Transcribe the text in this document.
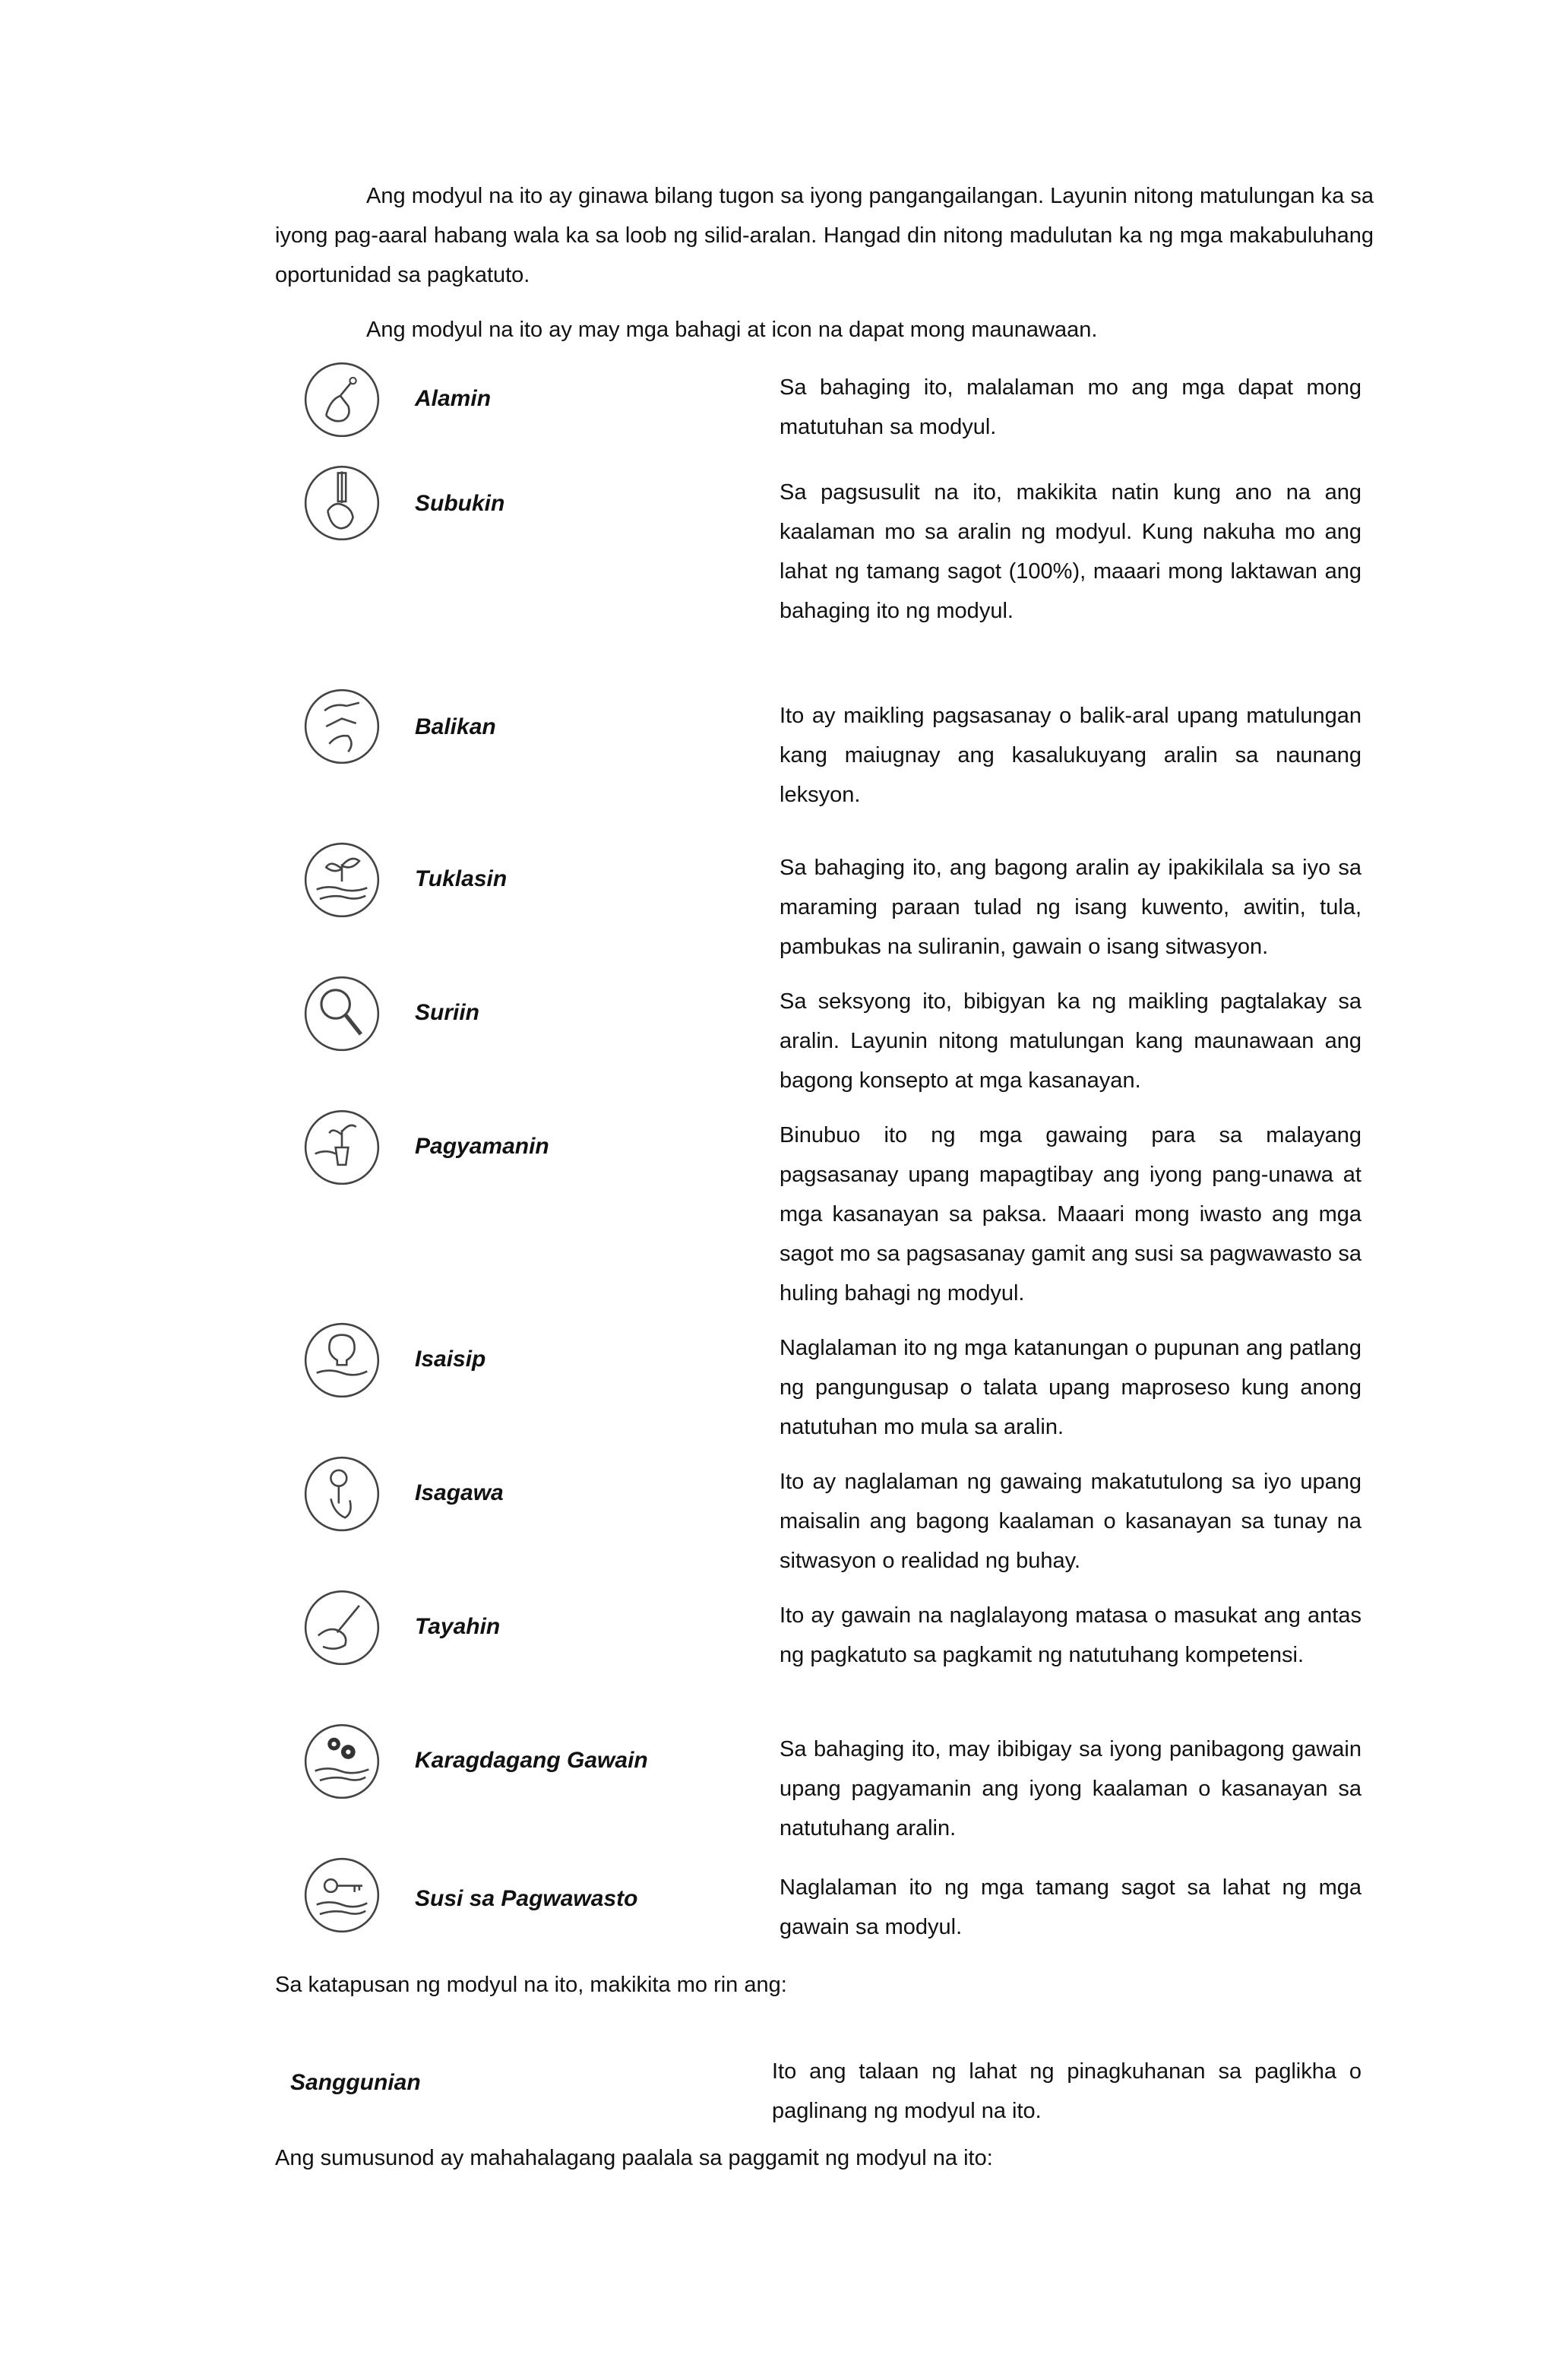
Ang modyul na ito ay ginawa bilang tugon sa iyong pangangailangan. Layunin nitong matulungan ka sa iyong pag-aaral habang wala ka sa loob ng silid-aralan. Hangad din nitong madulutan ka ng mga makabuluhang oportunidad sa pagkatuto.

Ang modyul na ito ay may mga bahagi at icon na dapat mong maunawaan.

Alamin	Sa bahaging ito, malalaman mo ang mga dapat mong matutuhan sa modyul.

Subukin	Sa pagsusulit na ito, makikita natin kung ano na ang kaalaman mo sa aralin ng modyul. Kung nakuha mo ang lahat ng tamang sagot (100%), maaari mong laktawan ang bahaging ito ng modyul.

Balikan	Ito ay maikling pagsasanay o balik-aral upang matulungan kang maiugnay ang kasalukuyang aralin sa naunang leksyon.

Tuklasin	Sa bahaging ito, ang bagong aralin ay ipakikilala sa iyo sa maraming paraan tulad ng isang kuwento, awitin, tula, pambukas na suliranin, gawain o isang sitwasyon.

Suriin	Sa seksyong ito, bibigyan ka ng maikling pagtalakay sa aralin. Layunin nitong matulungan kang maunawaan ang bagong konsepto at mga kasanayan.

Pagyamanin	Binubuo ito ng mga gawaing para sa malayang pagsasanay upang mapagtibay ang iyong pang-unawa at mga kasanayan sa paksa. Maaari mong iwasto ang mga sagot mo sa pagsasanay gamit ang susi sa pagwawasto sa huling bahagi ng modyul.

Isaisip	Naglalaman ito ng mga katanungan o pupunan ang patlang ng pangungusap o talata upang maproseso kung anong natutuhan mo mula sa aralin.

Isagawa	Ito ay naglalaman ng gawaing makatutulong sa iyo upang maisalin ang bagong kaalaman o kasanayan sa tunay na sitwasyon o realidad ng buhay.

Tayahin	Ito ay gawain na naglalayong matasa o masukat ang antas ng pagkatuto sa pagkamit ng natutuhang kompetensi.

Karagdagang Gawain	Sa bahaging ito, may ibibigay sa iyong panibagong gawain upang pagyamanin ang iyong kaalaman o kasanayan sa natutuhang aralin.

Susi sa Pagwawasto	Naglalaman ito ng mga tamang sagot sa lahat ng mga gawain sa modyul.

Sa katapusan ng modyul na ito, makikita mo rin ang:

Sanggunian	Ito ang talaan ng lahat ng pinagkuhanan sa paglikha o paglinang ng modyul na ito.

Ang sumusunod ay mahahalagang paalala sa paggamit ng modyul na ito:
